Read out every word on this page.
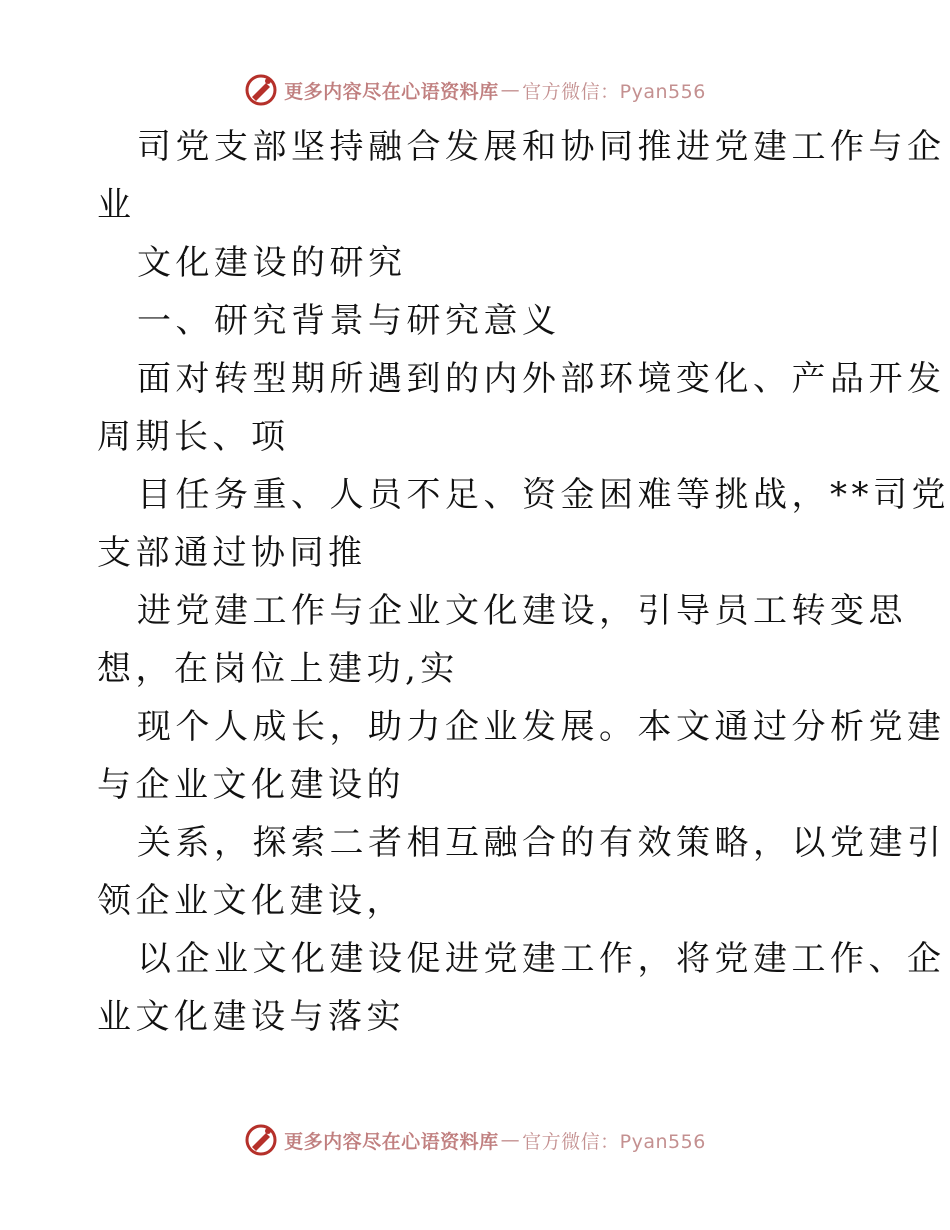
更多内容尽在心语资料库 — 官方微信：Pyan556

司党支部坚持融合发展和协同推进党建工作与企

业

文化建设的研究

一、研究背景与研究意义

面对转型期所遇到的内外部环境变化、产品开发

周期长、项

目任务重、人员不足、资金困难等挑战，**司党

支部通过协同推

进党建工作与企业文化建设，引导员工转变思

想，在岗位上建功,实

现个人成长，助力企业发展。本文通过分析党建

与企业文化建设的

关系，探索二者相互融合的有效策略，以党建引

领企业文化建设，

以企业文化建设促进党建工作，将党建工作、企

业文化建设与落实

更多内容尽在心语资料库 — 官方微信：Pyan556
